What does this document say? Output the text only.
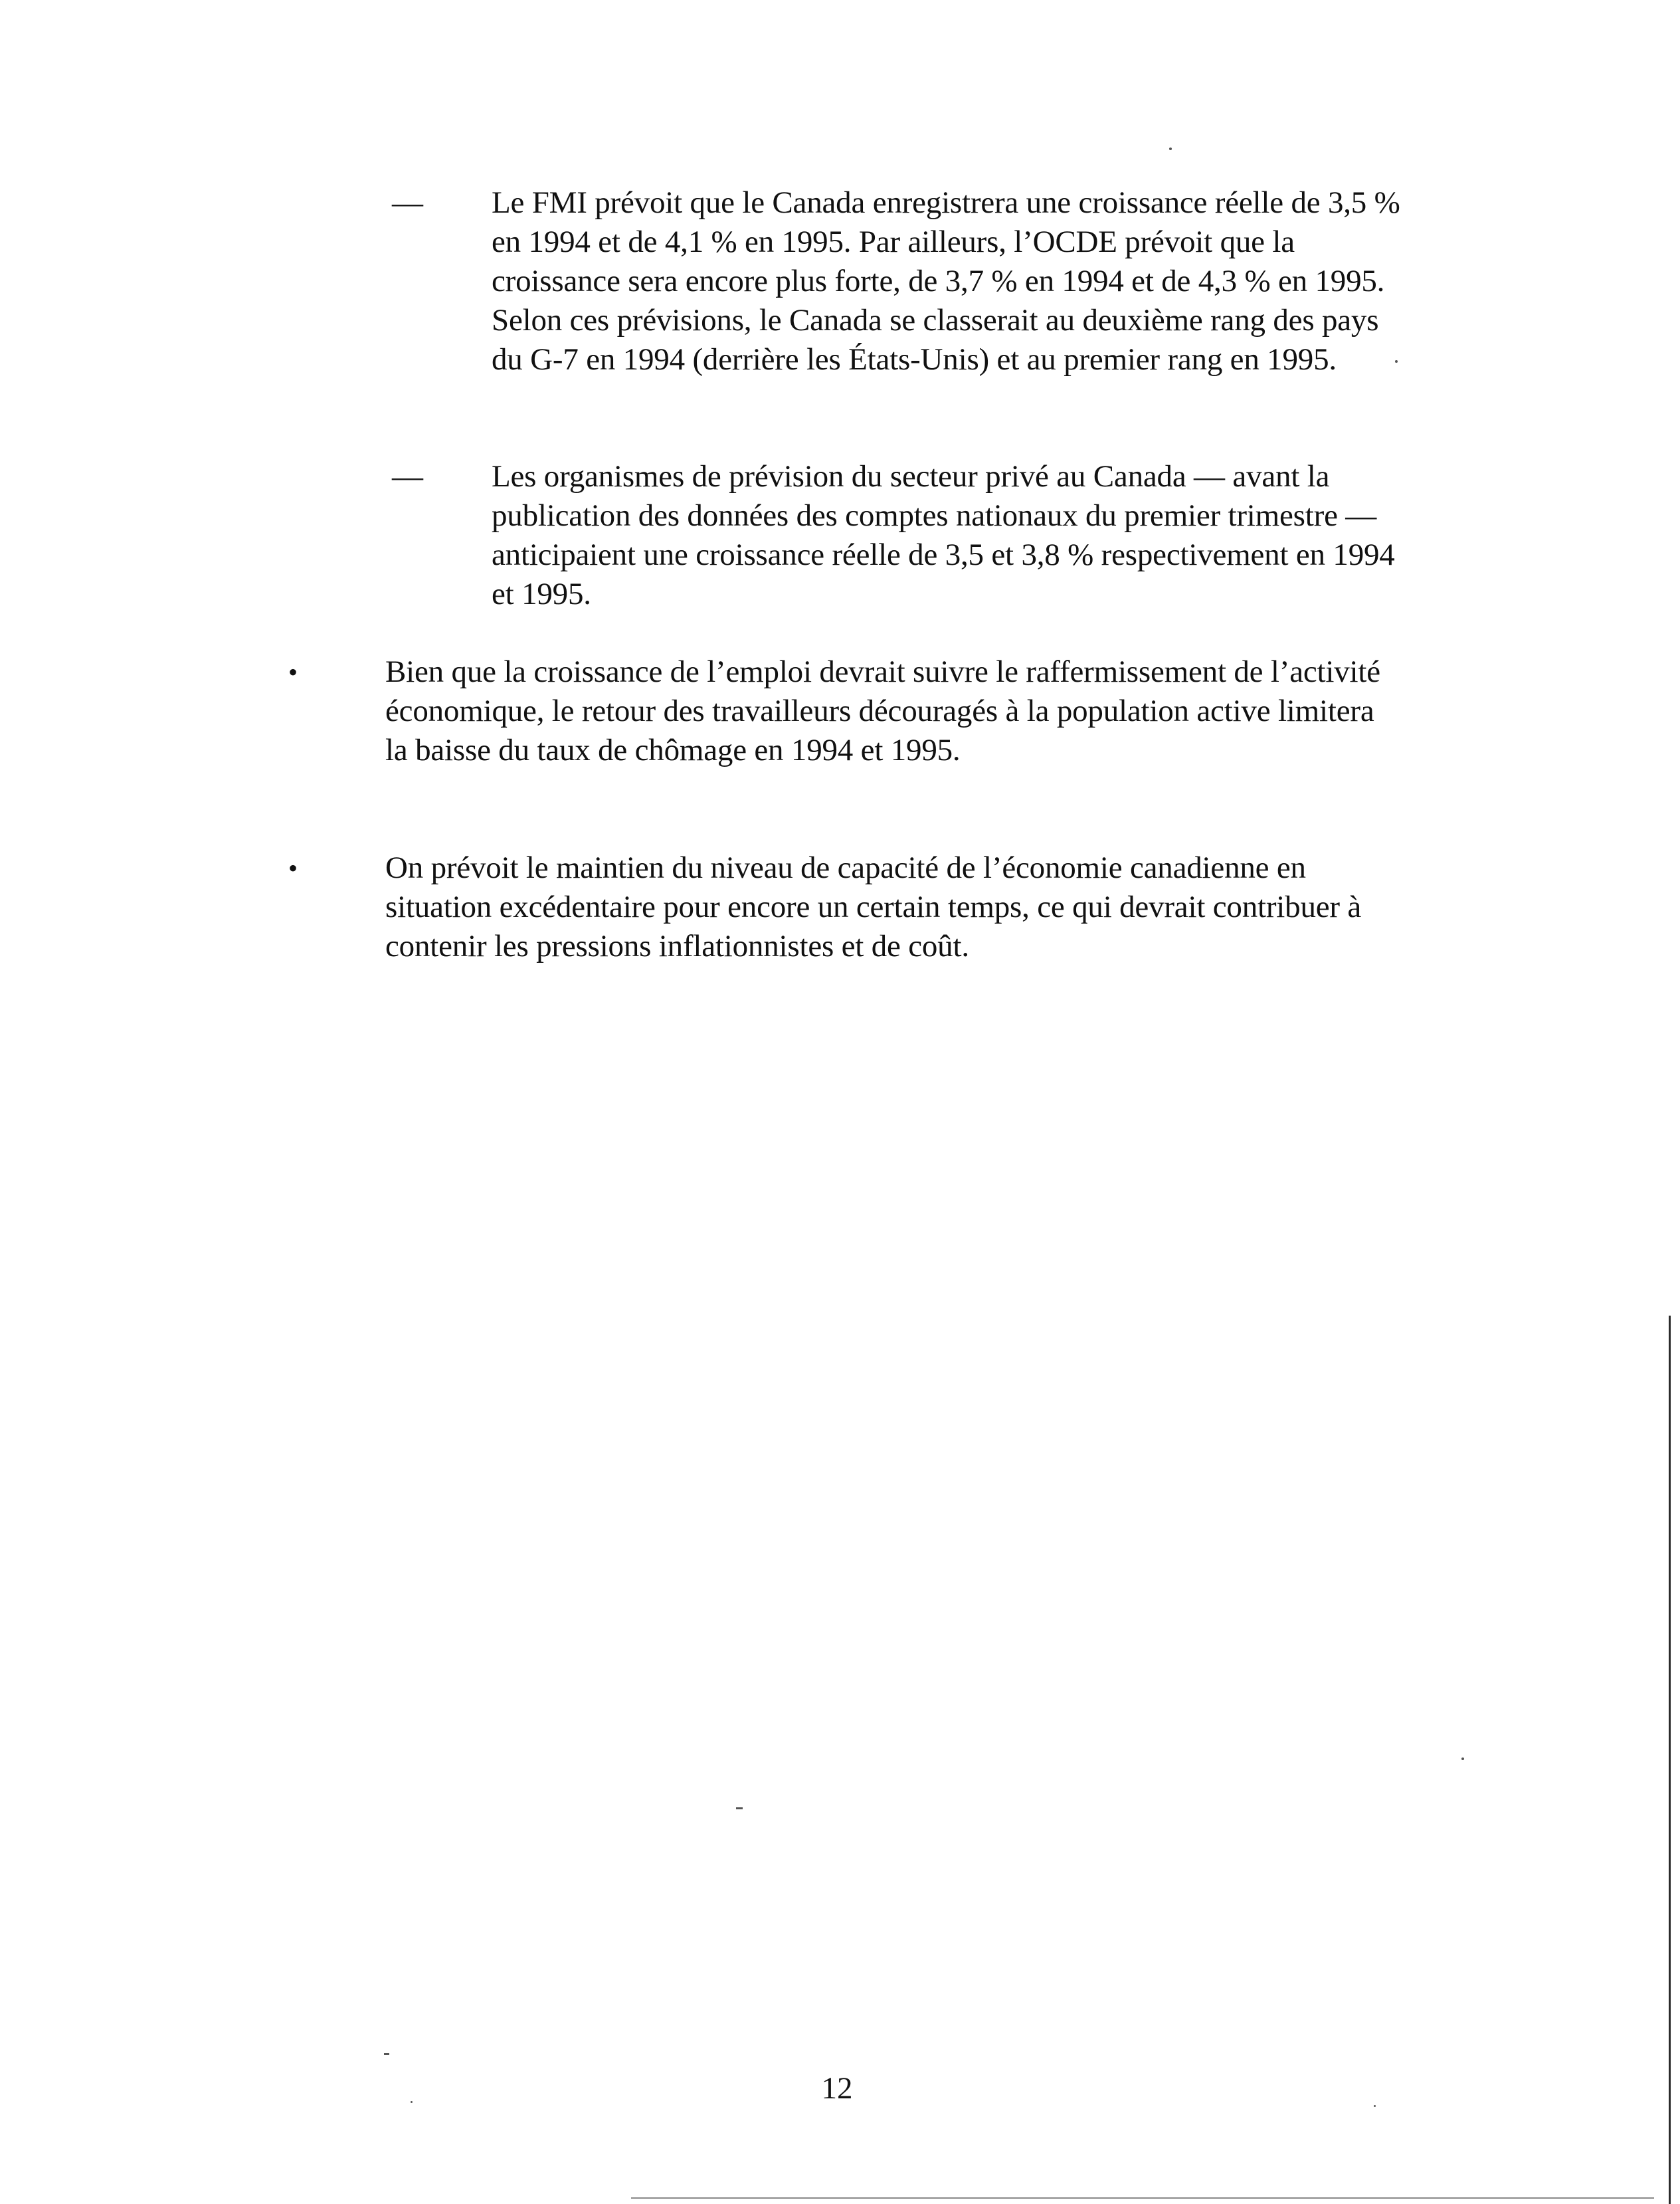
— Le FMI prévoit que le Canada enregistrera une croissance réelle de 3,5 % en 1994 et de 4,1 % en 1995. Par ailleurs, l’OCDE prévoit que la croissance sera encore plus forte, de 3,7 % en 1994 et de 4,3 % en 1995. Selon ces prévisions, le Canada se classerait au deuxième rang des pays du G-7 en 1994 (derrière les États-Unis) et au premier rang en 1995.
— Les organismes de prévision du secteur privé au Canada — avant la publication des données des comptes nationaux du premier trimestre — anticipaient une croissance réelle de 3,5 et 3,8 % respectivement en 1994 et 1995.
•	Bien que la croissance de l’emploi devrait suivre le raffermissement de l’activité économique, le retour des travailleurs découragés à la population active limitera la baisse du taux de chômage en 1994 et 1995.
•	On prévoit le maintien du niveau de capacité de l’économie canadienne en situation excédentaire pour encore un certain temps, ce qui devrait contribuer à contenir les pressions inflationnistes et de coût.
12
